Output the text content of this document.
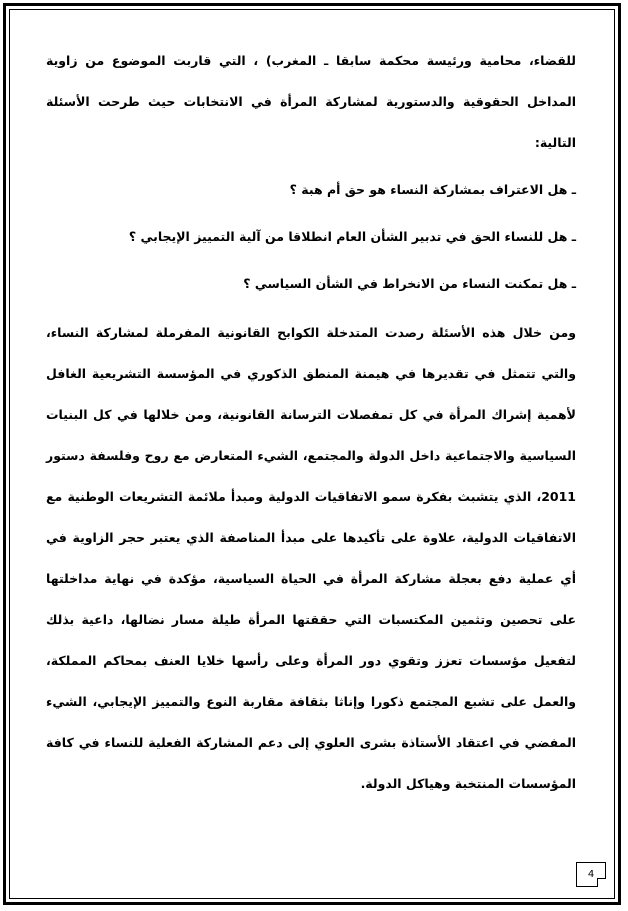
للقضاء، محامية ورئيسة محكمة سابقا ـ المغرب) ، التي قاربت الموضوع من زاوية المداخل الحقوقية والدستورية لمشاركة المرأة في الانتخابات حيث طرحت الأسئلة التالية:

ـ هل الاعتراف بمشاركة النساء هو حق أم هبة ؟

ـ هل للنساء الحق في تدبير الشأن العام انطلاقا من آلية التمييز الإيجابي ؟

ـ هل تمكنت النساء من الانخراط في الشأن السياسي ؟

ومن خلال هذه الأسئلة رصدت المتدخلة الكوابح القانونية المفرملة لمشاركة النساء، والتي تتمثل في تقديرها في هيمنة المنطق الذكوري في المؤسسة التشريعية الغافل لأهمية إشراك المرأة في كل تمفصلات الترسانة القانونية، ومن خلالها في كل البنيات السياسية والاجتماعية داخل الدولة والمجتمع، الشيء المتعارض مع روح وفلسفة دستور 2011، الذي يتشبث بفكرة سمو الاتفاقيات الدولية ومبدأ ملائمة التشريعات الوطنية مع الاتفاقيات الدولية، علاوة على تأكيدها على مبدأ المناصفة الذي يعتبر حجر الزاوية في أي عملية دفع بعجلة مشاركة المرأة في الحياة السياسية، مؤكدة في نهاية مداخلتها على تحصين وتثمين المكتسبات التي حققتها المرأة طيلة مسار نضالها، داعية بذلك لتفعيل مؤسسات تعزز وتقوي دور المرأة وعلى رأسها خلايا العنف بمحاكم المملكة، والعمل على تشبع المجتمع ذكورا وإناثا بثقافة مقاربة النوع والتمييز الإيجابي، الشيء المفضي في اعتقاد الأستاذة بشرى العلوي إلى دعم المشاركة الفعلية للنساء في كافة المؤسسات المنتخبة وهياكل الدولة.

4
